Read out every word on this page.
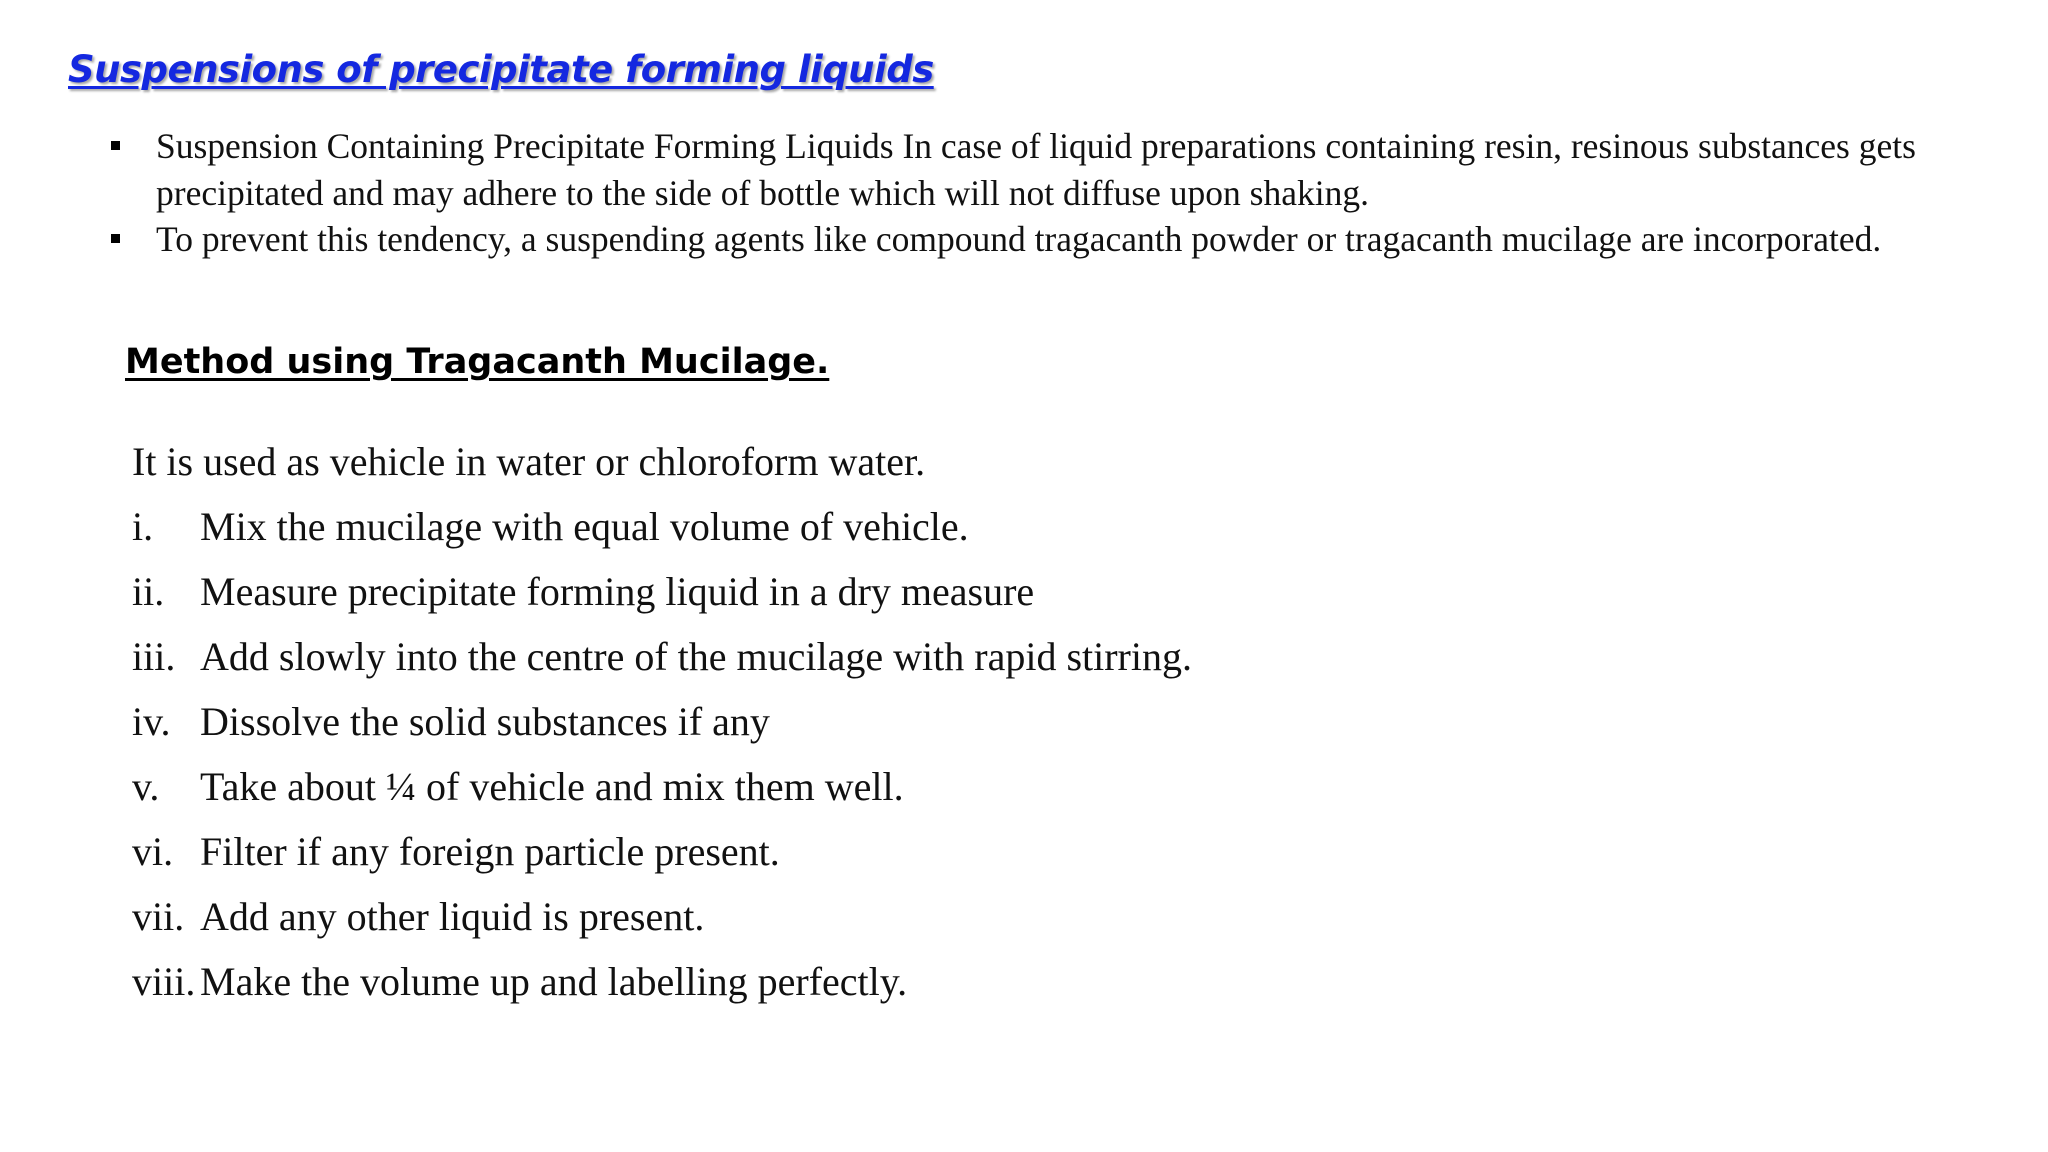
Suspensions of precipitate forming liquids
Suspension Containing Precipitate Forming Liquids In case of liquid preparations containing resin, resinous substances gets precipitated and may adhere to the side of bottle which will not diffuse upon shaking.
To prevent this tendency, a suspending agents like compound tragacanth powder or tragacanth mucilage are incorporated.
Method using Tragacanth Mucilage.

It is used as vehicle in water or chloroform water.

i. Mix the mucilage with equal volume of vehicle.
ii. Measure precipitate forming liquid in a dry measure
iii. Add slowly into the centre of the mucilage with rapid stirring.
iv. Dissolve the solid substances if any
v. Take about ¼ of vehicle and mix them well.
vi. Filter if any foreign particle present.
vii. Add any other liquid is present.
viii. Make the volume up and labelling perfectly.
